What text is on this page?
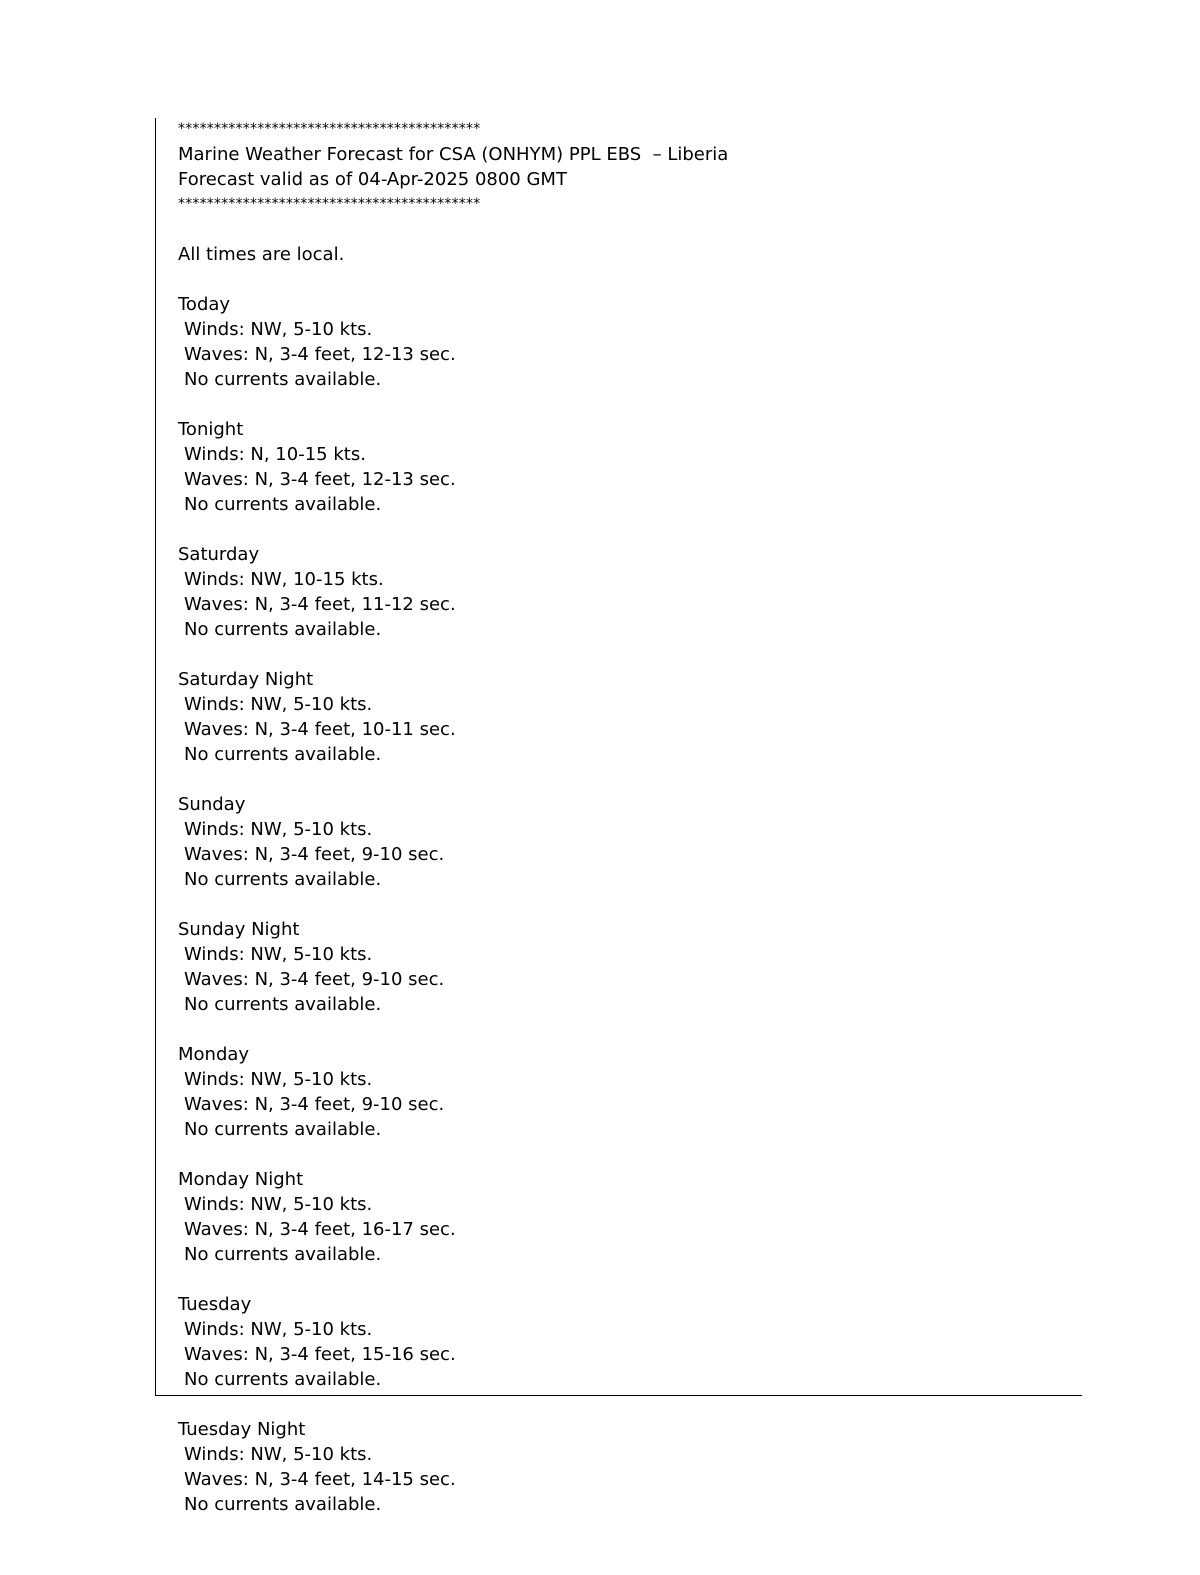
******************************************
Marine Weather Forecast for CSA (ONHYM) PPL EBS  – Liberia
Forecast valid as of 04-Apr-2025 0800 GMT
******************************************
All times are local.
Today
Winds: NW, 5-10 kts.
Waves: N, 3-4 feet, 12-13 sec.
No currents available.
Tonight
Winds: N, 10-15 kts.
Waves: N, 3-4 feet, 12-13 sec.
No currents available.
Saturday
Winds: NW, 10-15 kts.
Waves: N, 3-4 feet, 11-12 sec.
No currents available.
Saturday Night
Winds: NW, 5-10 kts.
Waves: N, 3-4 feet, 10-11 sec.
No currents available.
Sunday
Winds: NW, 5-10 kts.
Waves: N, 3-4 feet, 9-10 sec.
No currents available.
Sunday Night
Winds: NW, 5-10 kts.
Waves: N, 3-4 feet, 9-10 sec.
No currents available.
Monday
Winds: NW, 5-10 kts.
Waves: N, 3-4 feet, 9-10 sec.
No currents available.
Monday Night
Winds: NW, 5-10 kts.
Waves: N, 3-4 feet, 16-17 sec.
No currents available.
Tuesday
Winds: NW, 5-10 kts.
Waves: N, 3-4 feet, 15-16 sec.
No currents available.
Tuesday Night
Winds: NW, 5-10 kts.
Waves: N, 3-4 feet, 14-15 sec.
No currents available.
